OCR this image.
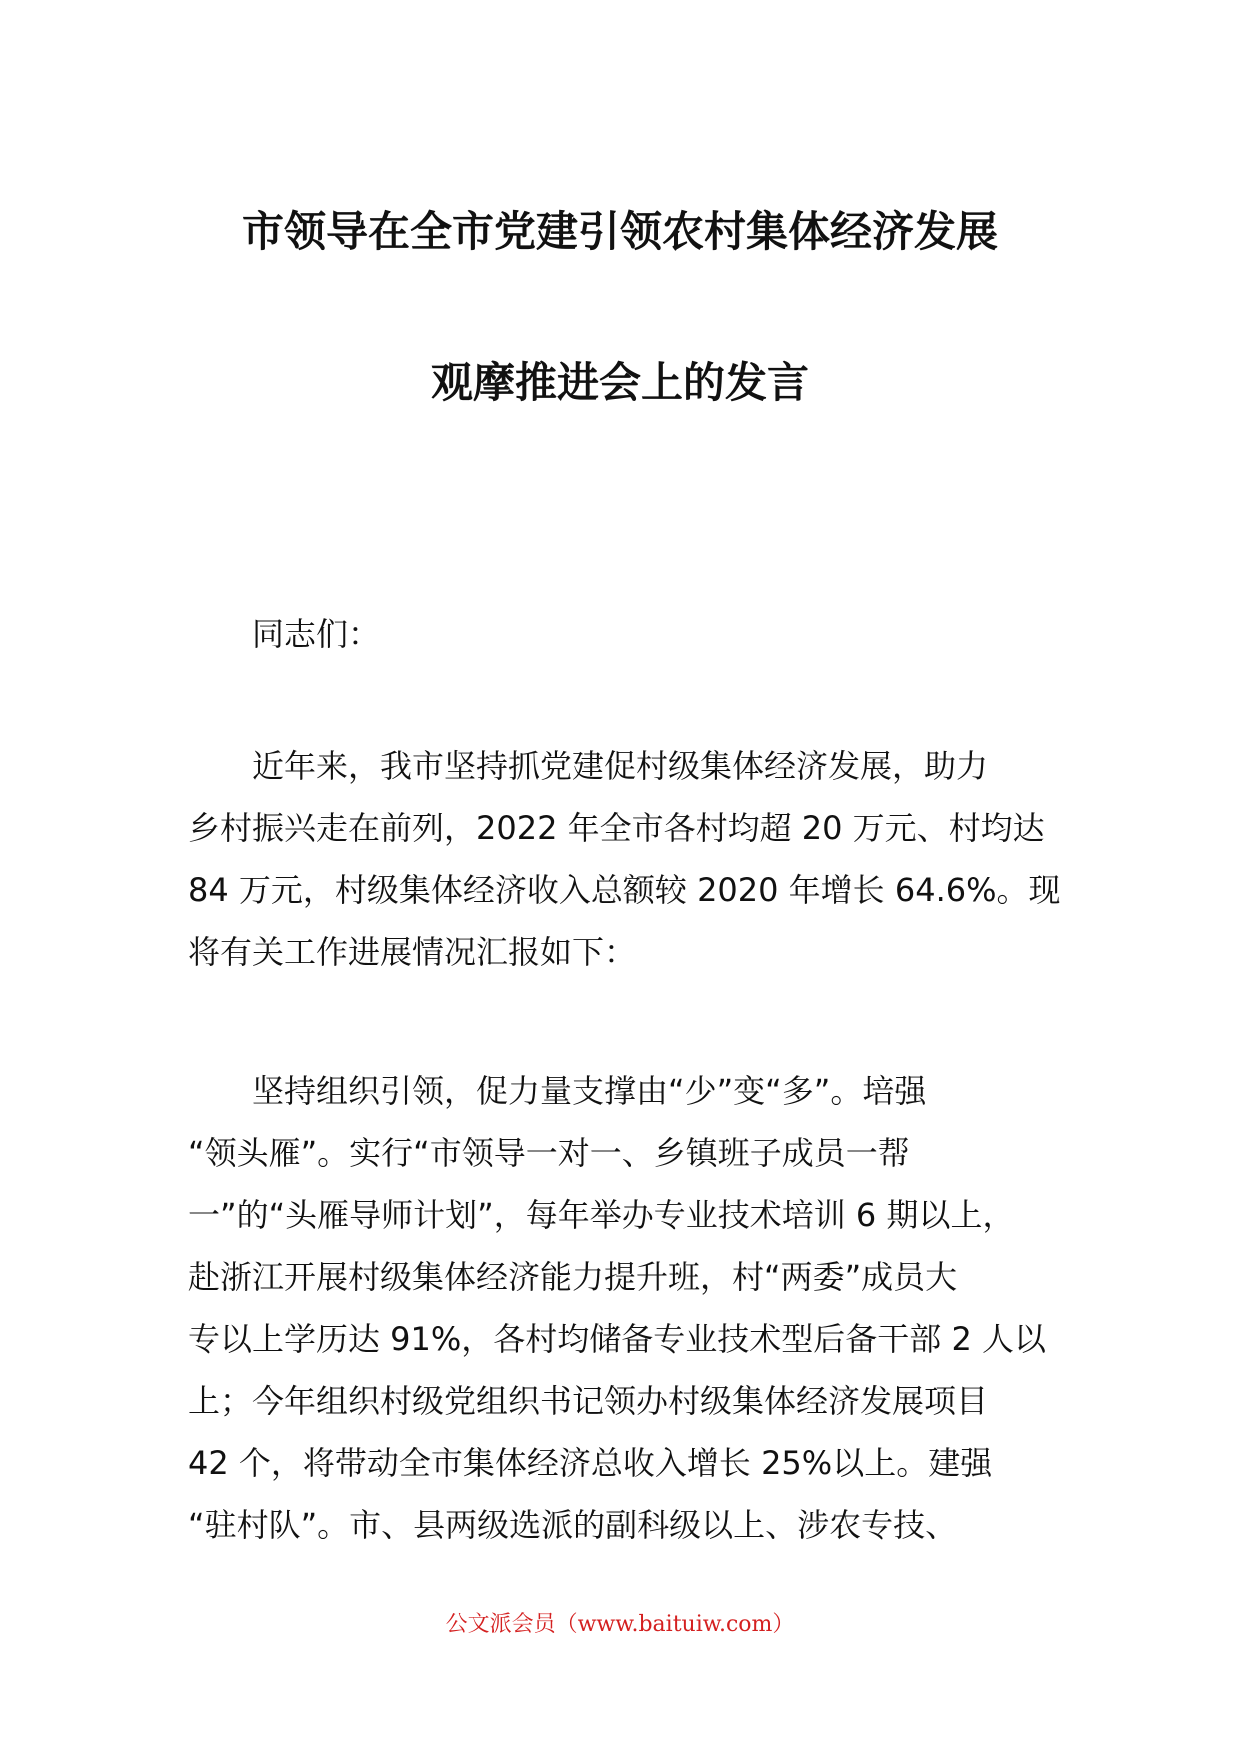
市领导在全市党建引领农村集体经济发展
观摩推进会上的发言

同志们：

近年来，我市坚持抓党建促村级集体经济发展，助力
乡村振兴走在前列，2022 年全市各村均超 20 万元、村均达
84 万元，村级集体经济收入总额较 2020 年增长 64.6%。现
将有关工作进展情况汇报如下：
坚持组织引领，促力量支撑由“少”变“多”。培强
“领头雁”。实行“市领导一对一、乡镇班子成员一帮
一”的“头雁导师计划”，每年举办专业技术培训 6 期以上，
赴浙江开展村级集体经济能力提升班，村“两委”成员大
专以上学历达 91%，各村均储备专业技术型后备干部 2 人以
上；今年组织村级党组织书记领办村级集体经济发展项目
42 个，将带动全市集体经济总收入增长 25%以上。建强
“驻村队”。市、县两级选派的副科级以上、涉农专技、

公文派会员（www.baituiw.com）
